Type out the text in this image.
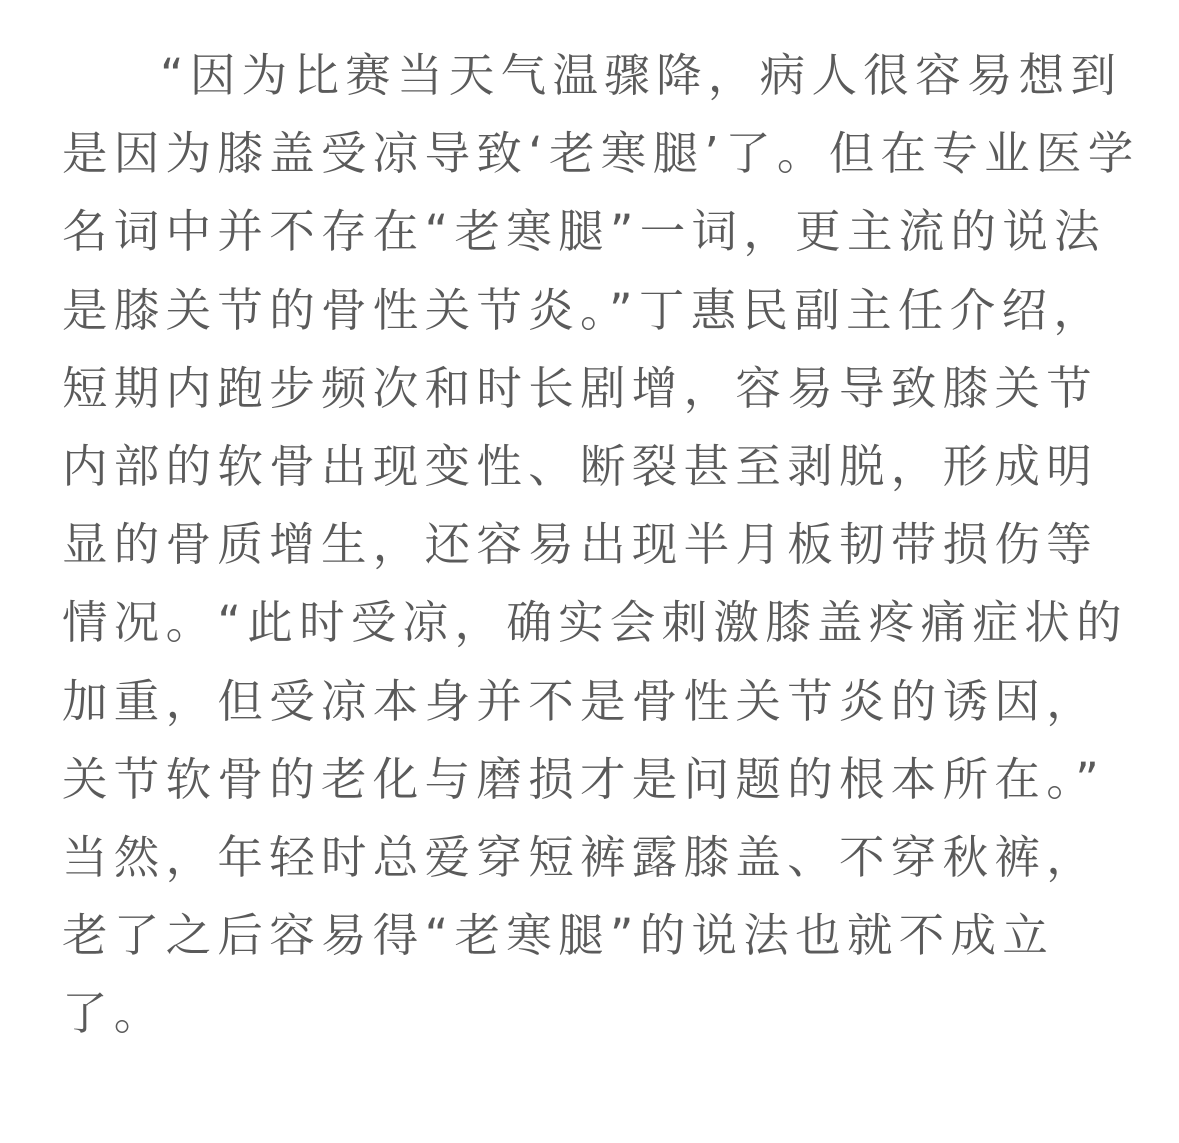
“因为比赛当天气温骤降，病人很容易想到
是因为膝盖受凉导致‘老寒腿’了。但在专业医学
名词中并不存在“老寒腿”一词，更主流的说法
是膝关节的骨性关节炎。”丁惠民副主任介绍，
短期内跑步频次和时长剧增，容易导致膝关节
内部的软骨出现变性、断裂甚至剥脱，形成明
显的骨质增生，还容易出现半月板韧带损伤等
情况。“此时受凉，确实会刺激膝盖疼痛症状的
加重，但受凉本身并不是骨性关节炎的诱因，
关节软骨的老化与磨损才是问题的根本所在。”
当然，年轻时总爱穿短裤露膝盖、不穿秋裤，
老了之后容易得“老寒腿”的说法也就不成立
了。
